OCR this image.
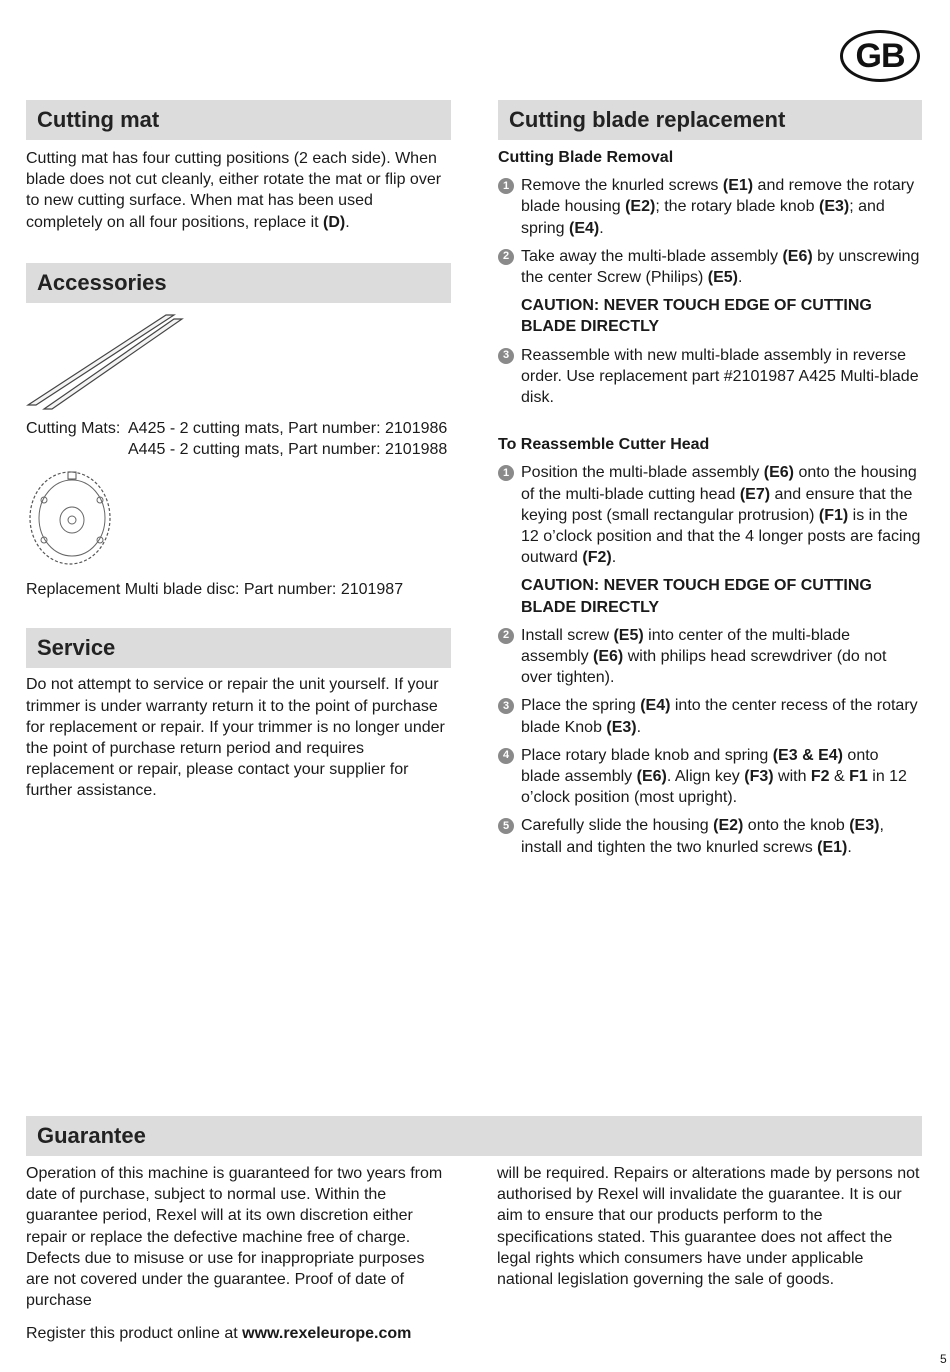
GB
Cutting mat

Cutting mat has four cutting positions (2 each side). When blade does not cut cleanly, either rotate the mat or flip over to new cutting surface. When mat has been used completely on all four positions, replace it (D).

Accessories
Cutting Mats: A425 - 2 cutting mats, Part number: 2101986
A445 - 2 cutting mats, Part number: 2101988
Replacement Multi blade disc: Part number: 2101987
Service

Do not attempt to service or repair the unit yourself. If your trimmer is under warranty return it to the point of purchase for replacement or repair. If your trimmer is no longer under the point of purchase return period and requires replacement or repair, please contact your supplier for further assistance.

Cutting blade replacement
Cutting Blade Removal
1 Remove the knurled screws (E1) and remove the rotary blade housing (E2); the rotary blade knob (E3); and spring (E4).
2 Take away the multi-blade assembly (E6) by unscrewing the center Screw (Philips) (E5).
CAUTION: NEVER TOUCH EDGE OF CUTTING BLADE DIRECTLY
3 Reassemble with new multi-blade assembly in reverse order. Use replacement part #2101987 A425 Multi-blade disk.
To Reassemble Cutter Head
1 Position the multi-blade assembly (E6) onto the housing of the multi-blade cutting head (E7) and ensure that the keying post (small rectangular protrusion) (F1) is in the 12 o’clock position and that the 4 longer posts are facing outward (F2).
CAUTION: NEVER TOUCH EDGE OF CUTTING BLADE DIRECTLY
2 Install screw (E5) into center of the multi-blade assembly (E6) with philips head screwdriver (do not over tighten).
3 Place the spring (E4) into the center recess of the rotary blade Knob (E3).
4 Place rotary blade knob and spring (E3 & E4) onto blade assembly (E6). Align key (F3) with F2 & F1 in 12 o’clock position (most upright).
5 Carefully slide the housing (E2) onto the knob (E3), install and tighten the two knurled screws (E1).
Guarantee

Operation of this machine is guaranteed for two years from date of purchase, subject to normal use. Within the guarantee period, Rexel will at its own discretion either repair or replace the defective machine free of charge. Defects due to misuse or use for inappropriate purposes are not covered under the guarantee. Proof of date of purchase

Register this product online at www.rexeleurope.com

will be required. Repairs or alterations made by persons not authorised by Rexel will invalidate the guarantee. It is our aim to ensure that our products perform to the specifications stated. This guarantee does not affect the legal rights which consumers have under applicable national legislation governing the sale of goods.
5
